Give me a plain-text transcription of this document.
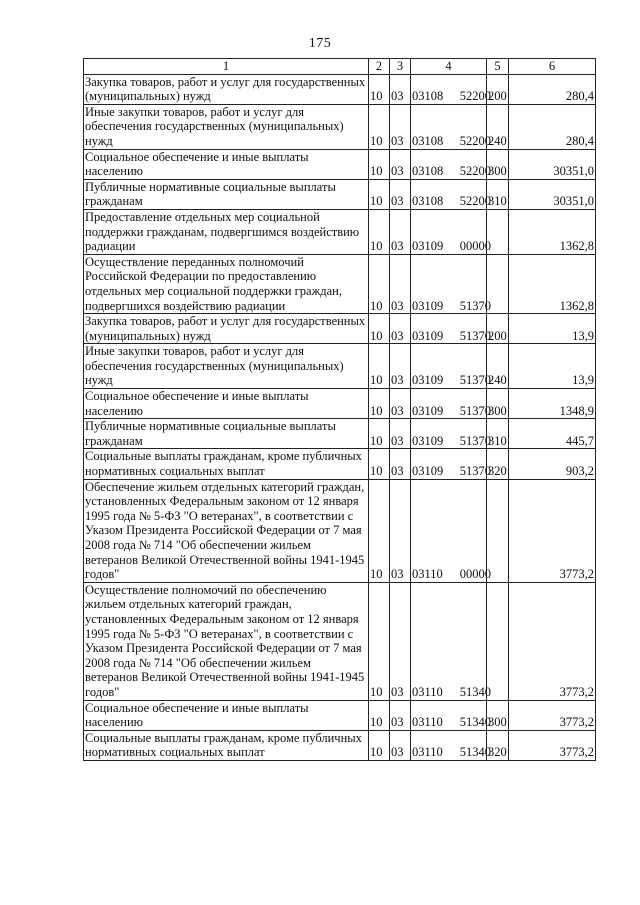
175
1	2	3	4	5	6
Закупка товаров, работ и услуг для государственных (муниципальных) нужд	10	03	03108 52200	200	280,4
Иные закупки товаров, работ и услуг для обеспечения государственных (муниципальных) нужд	10	03	03108 52200	240	280,4
Социальное обеспечение и иные выплаты населению	10	03	03108 52200	300	30351,0
Публичные нормативные социальные выплаты гражданам	10	03	03108 52200	310	30351,0
Предоставление отдельных мер социальной поддержки гражданам, подвергшимся воздействию радиации	10	03	03109 00000		1362,8
Осуществление переданных полномочий Российской Федерации по предоставлению отдельных мер социальной поддержки граждан, подвергшихся воздействию радиации	10	03	03109 51370		1362,8
Закупка товаров, работ и услуг для государственных (муниципальных) нужд	10	03	03109 51370	200	13,9
Иные закупки товаров, работ и услуг для обеспечения государственных (муниципальных) нужд	10	03	03109 51370	240	13,9
Социальное обеспечение и иные выплаты населению	10	03	03109 51370	300	1348,9
Публичные нормативные социальные выплаты гражданам	10	03	03109 51370	310	445,7
Социальные выплаты гражданам, кроме публичных нормативных социальных выплат	10	03	03109 51370	320	903,2
Обеспечение жильем отдельных категорий граждан, установленных Федеральным законом от 12 января 1995 года № 5-ФЗ "О ветеранах", в соответствии с Указом Президента Российской Федерации от 7 мая 2008 года № 714 "Об обеспечении жильем ветеранов Великой Отечественной войны 1941-1945 годов"	10	03	03110 00000		3773,2
Осуществление полномочий по обеспечению жильем отдельных категорий граждан, установленных Федеральным законом от 12 января 1995 года № 5-ФЗ "О ветеранах", в соответствии с Указом Президента Российской Федерации от 7 мая 2008 года № 714 "Об обеспечении жильем ветеранов Великой Отечественной войны 1941-1945 годов"	10	03	03110 51340		3773,2
Социальное обеспечение и иные выплаты населению	10	03	03110 51340	300	3773,2
Социальные выплаты гражданам, кроме публичных нормативных социальных выплат	10	03	03110 51340	320	3773,2
